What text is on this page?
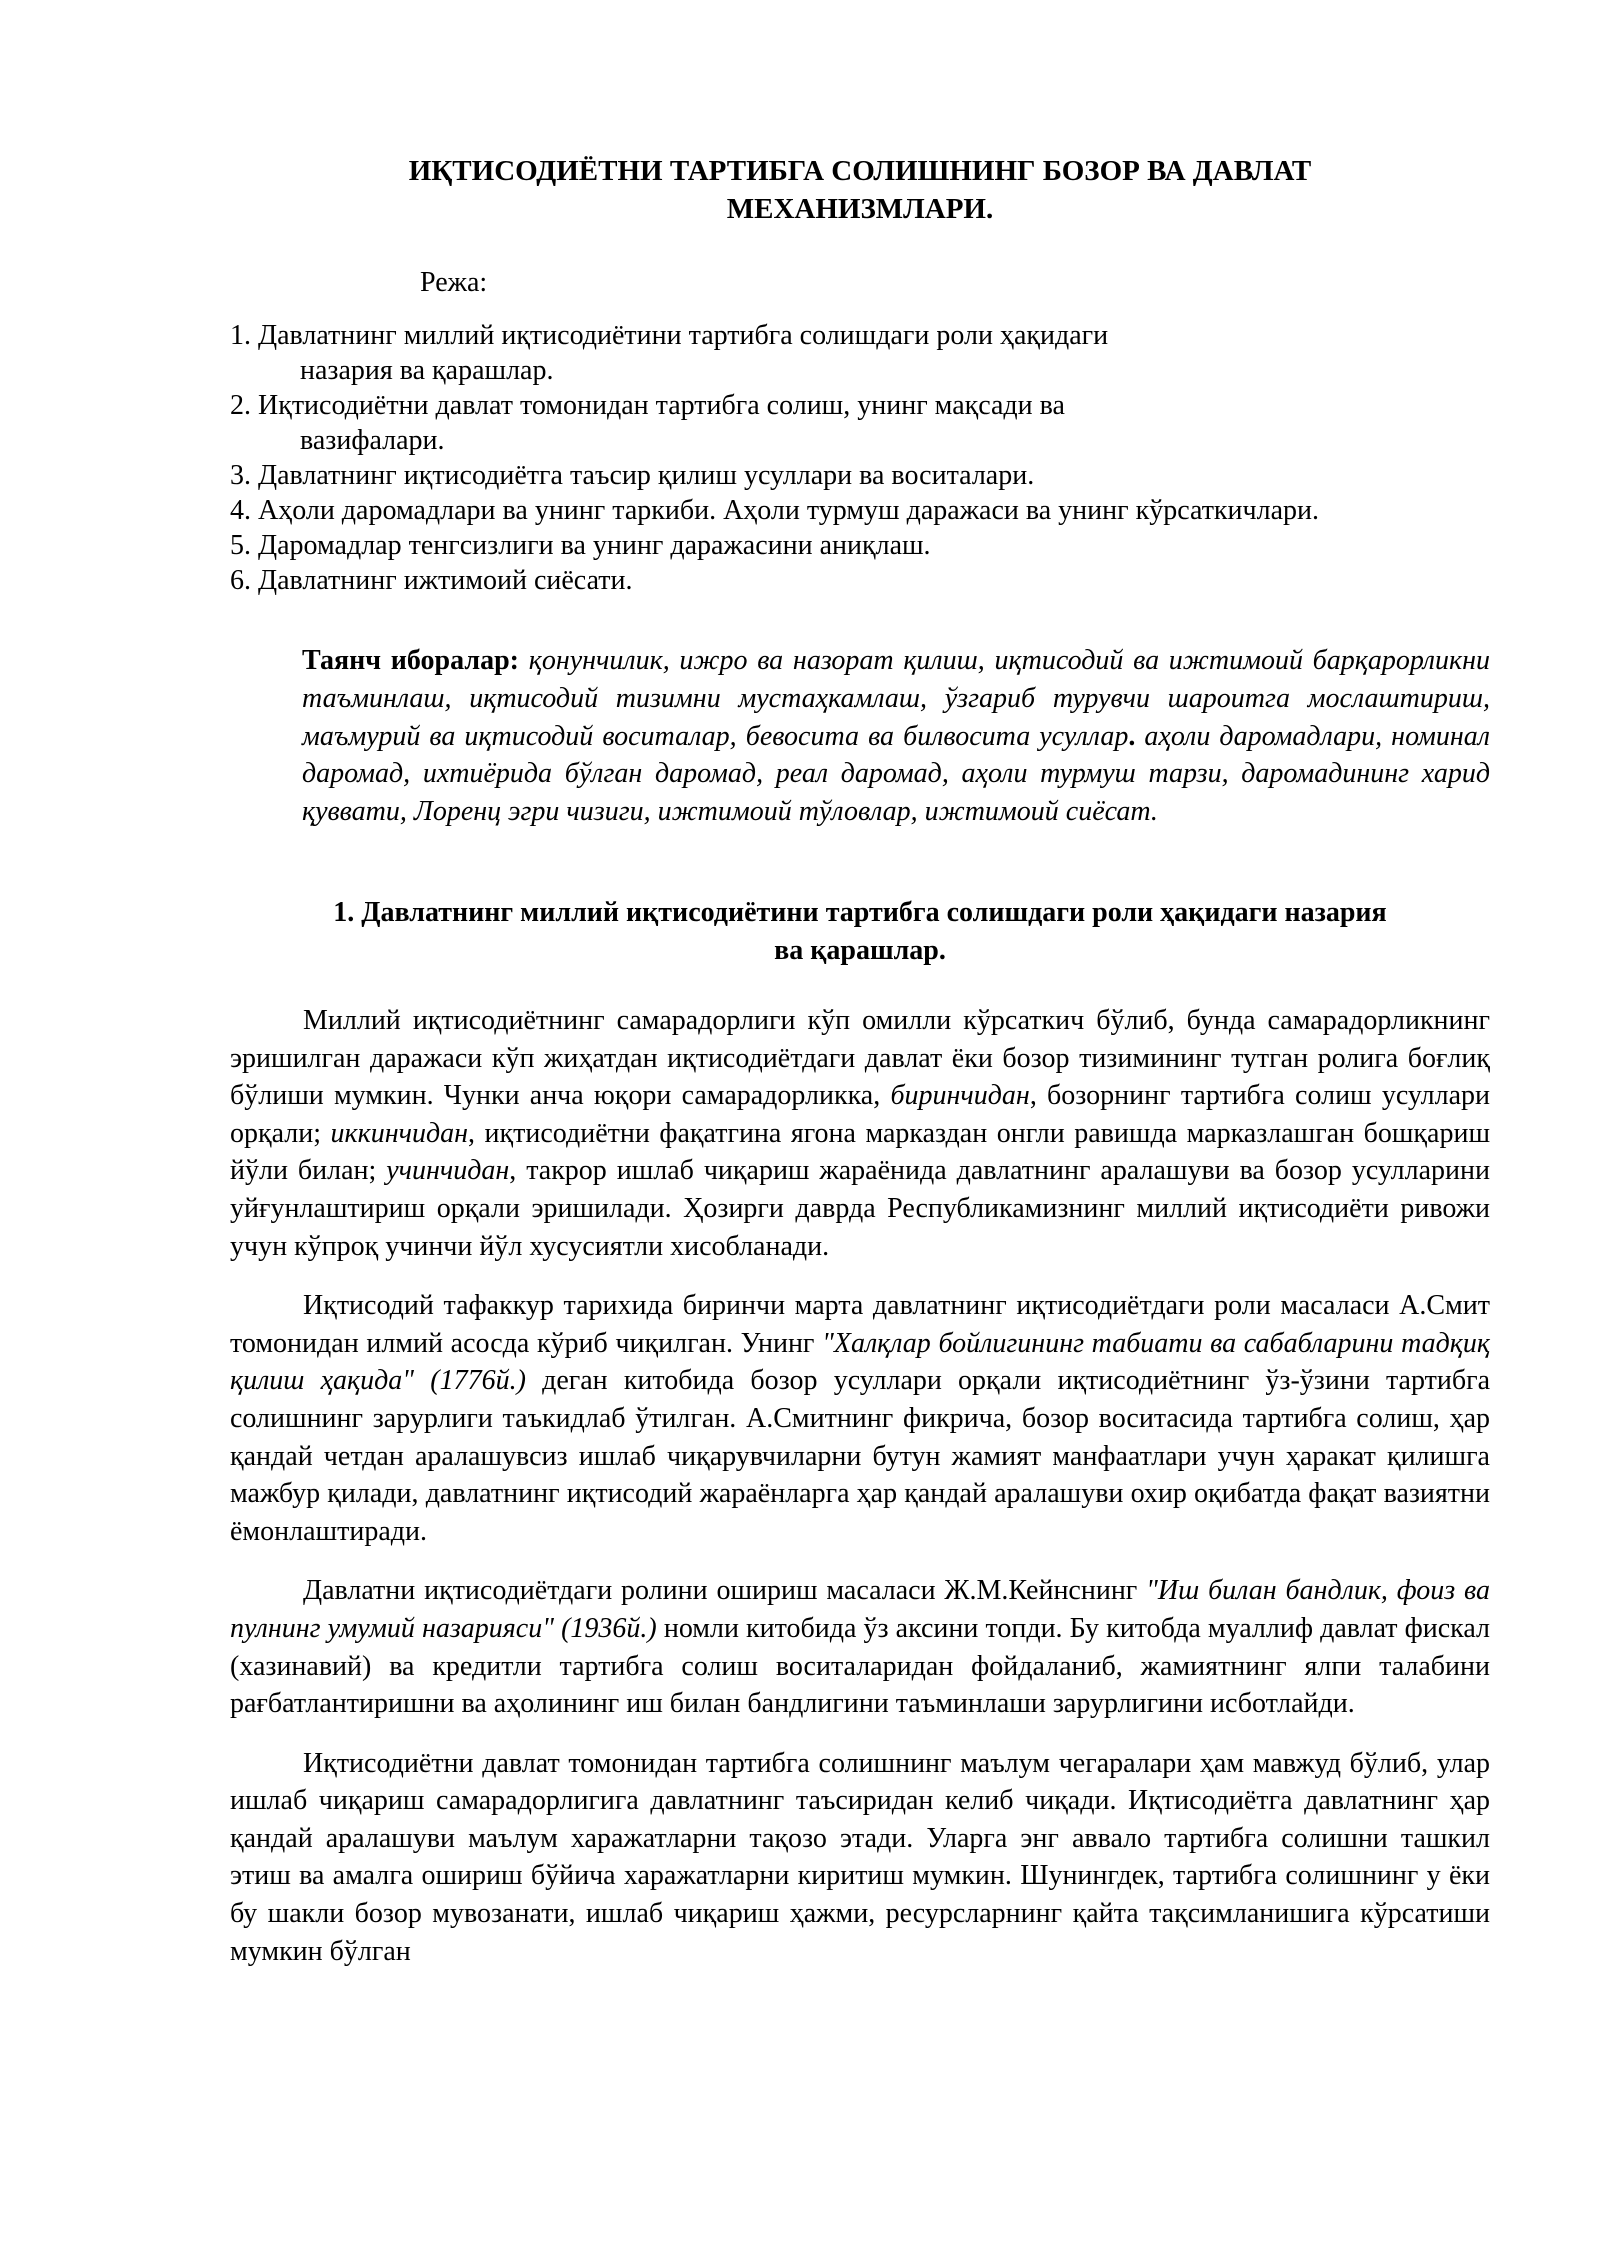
ИҚТИСОДИЁТНИ ТАРТИБГА СОЛИШНИНГ БОЗОР ВА ДАВЛАТ
МЕХАНИЗМЛАРИ.
Режа:
1. Давлатнинг миллий иқтисодиётини тартибга солишдаги роли ҳақидаги
назария ва қарашлар.
2. Иқтисодиётни давлат томонидан тартибга солиш, унинг мақсади ва
вазифалари.
3. Давлатнинг иқтисодиётга таъсир қилиш усуллари ва воситалари.
4. Аҳоли даромадлари ва унинг таркиби. Аҳоли турмуш даражаси ва унинг кўрсаткичлари.
5. Даромадлар тенгсизлиги ва унинг даражасини аниқлаш.
6. Давлатнинг ижтимоий сиёсати.
Таянч иборалар: қонунчилик, ижро ва назорат қилиш, иқтисодий ва ижтимоий барқарорликни таъминлаш, иқтисодий тизимни мустаҳкамлаш, ўзгариб турувчи шароитга мослаштириш, маъмурий ва иқтисодий воситалар, бевосита ва билвосита усуллар. аҳоли даромадлари, номинал даромад, ихтиёрида бўлган даромад, реал даромад, аҳоли турмуш тарзи, даромадининг харид қуввати, Лоренц эгри чизиги, ижтимоий тўловлар, ижтимоий сиёсат.
1. Давлатнинг миллий иқтисодиётини тартибга солишдаги роли ҳақидаги назария
ва қарашлар.

Миллий иқтисодиётнинг самарадорлиги кўп омилли кўрсаткич бўлиб, бунда самарадорликнинг эришилган даражаси кўп жиҳатдан иқтисодиётдаги давлат ёки бозор тизимининг тутган ролига боғлиқ бўлиши мумкин. Чунки анча юқори самарадорликка, биринчидан, бозорнинг тартибга солиш усуллари орқали; иккинчидан, иқтисодиётни фақатгина ягона марказдан онгли равишда марказлашган бошқариш йўли билан; учинчидан, такрор ишлаб чиқариш жараёнида давлатнинг аралашуви ва бозор усулларини уйғунлаштириш орқали эришилади. Ҳозирги даврда Республикамизнинг миллий иқтисодиёти ривожи учун кўпроқ учинчи йўл хусусиятли хисобланади.

Иқтисодий тафаккур тарихида биринчи марта давлатнинг иқтисодиётдаги роли масаласи А.Смит томонидан илмий асосда кўриб чиқилган. Унинг "Халқлар бойлигининг табиати ва сабабларини тадқиқ қилиш ҳақида" (1776й.) деган китобида бозор усуллари орқали иқтисодиётнинг ўз-ўзини тартибга солишнинг зарурлиги таъкидлаб ўтилган. А.Смитнинг фикрича, бозор воситасида тартибга солиш, ҳар қандай четдан аралашувсиз ишлаб чиқарувчиларни бутун жамият манфаатлари учун ҳаракат қилишга мажбур қилади, давлатнинг иқтисодий жараёнларга ҳар қандай аралашуви охир оқибатда фақат вазиятни ёмонлаштиради.

Давлатни иқтисодиётдаги ролини ошириш масаласи Ж.М.Кейнснинг "Иш билан бандлик, фоиз ва пулнинг умумий назарияси" (1936й.) номли китобида ўз аксини топди. Бу китобда муаллиф давлат фискал (хазинавий) ва кредитли тартибга солиш воситаларидан фойдаланиб, жамиятнинг ялпи талабини рағбатлантиришни ва аҳолининг иш билан бандлигини таъминлаши зарурлигини исботлайди.

Иқтисодиётни давлат томонидан тартибга солишнинг маълум чегаралари ҳам мавжуд бўлиб, улар ишлаб чиқариш самарадорлигига давлатнинг таъсиридан келиб чиқади. Иқтисодиётга давлатнинг ҳар қандай аралашуви маълум харажатларни тақозо этади. Уларга энг аввало тартибга солишни ташкил этиш ва амалга ошириш бўйича харажатларни киритиш мумкин. Шунингдек, тартибга солишнинг у ёки бу шакли бозор мувозанати, ишлаб чиқариш ҳажми, ресурсларнинг қайта тақсимланишига кўрсатиши мумкин бўлган
